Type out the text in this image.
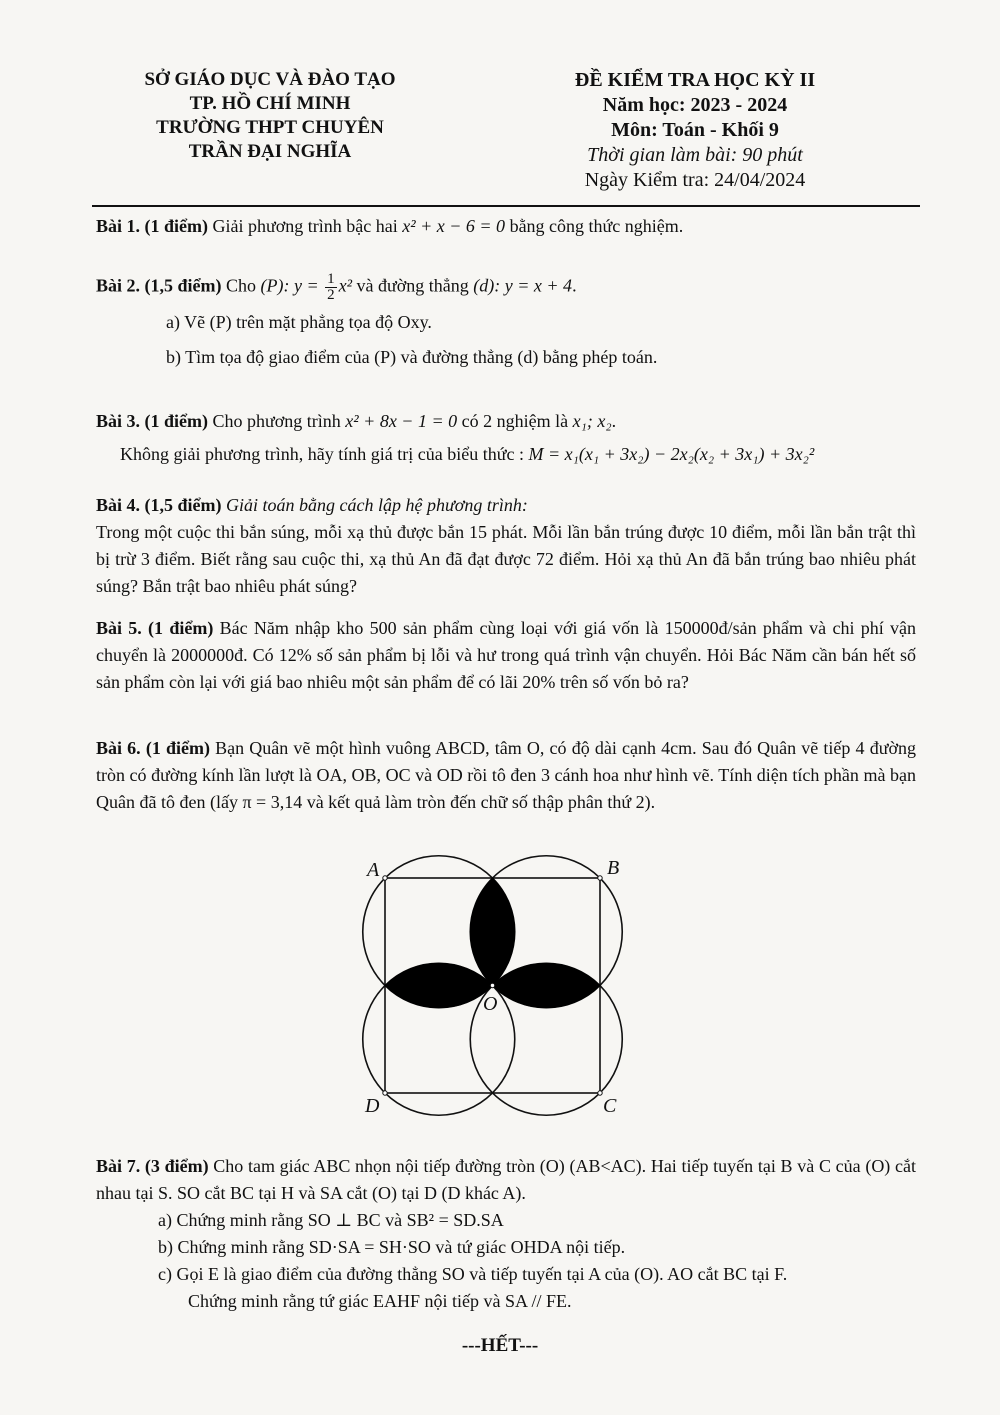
SỞ GIÁO DỤC VÀ ĐÀO TẠO
TP. HỒ CHÍ MINH
TRƯỜNG THPT CHUYÊN
TRẦN ĐẠI NGHĨA
ĐỀ KIỂM TRA HỌC KỲ II
Năm học: 2023 - 2024
Môn: Toán - Khối 9
Thời gian làm bài: 90 phút
Ngày Kiểm tra: 24/04/2024
Bài 1. (1 điểm) Giải phương trình bậc hai x² + x − 6 = 0 bằng công thức nghiệm.
Bài 2. (1,5 điểm) Cho (P): $y = \frac{1}{2} x^2$ và đường thẳng (d): y = x + 4.
a) Vẽ (P) trên mặt phẳng tọa độ Oxy.
b) Tìm tọa độ giao điểm của (P) và đường thẳng (d) bằng phép toán.
Bài 3. (1 điểm) Cho phương trình x² + 8x − 1 = 0 có 2 nghiệm là x₁; x₂.
Không giải phương trình, hãy tính giá trị của biểu thức : M = x₁(x₁ + 3x₂) − 2x₂(x₂ + 3x₁) + 3x₂²
Bài 4. (1,5 điểm) Giải toán bằng cách lập hệ phương trình:
Trong một cuộc thi bắn súng, mỗi xạ thủ được bắn 15 phát. Mỗi lần bắn trúng được 10 điểm, mỗi lần bắn trật thì bị trừ 3 điểm. Biết rằng sau cuộc thi, xạ thủ An đã đạt được 72 điểm. Hỏi xạ thủ An đã bắn trúng bao nhiêu phát súng? Bắn trật bao nhiêu phát súng?
Bài 5. (1 điểm) Bác Năm nhập kho 500 sản phẩm cùng loại với giá vốn là 150000đ/sản phẩm và chi phí vận chuyển là 2000000đ. Có 12% số sản phẩm bị lỗi và hư trong quá trình vận chuyển. Hỏi Bác Năm cần bán hết số sản phẩm còn lại với giá bao nhiêu một sản phẩm để có lãi 20% trên số vốn bỏ ra?
Bài 6. (1 điểm) Bạn Quân vẽ một hình vuông ABCD, tâm O, có độ dài cạnh 4cm. Sau đó Quân vẽ tiếp 4 đường tròn có đường kính lần lượt là OA, OB, OC và OD rồi tô đen 3 cánh hoa như hình vẽ. Tính diện tích phần mà bạn Quân đã tô đen (lấy π = 3,14 và kết quả làm tròn đến chữ số thập phân thứ 2).
A	B
C
D
O
Bài 7. (3 điểm) Cho tam giác ABC nhọn nội tiếp đường tròn (O) (AB<AC). Hai tiếp tuyến tại B và C của (O) cắt nhau tại S. SO cắt BC tại H và SA cắt (O) tại D (D khác A).
a) Chứng minh rằng SO ⊥ BC và SB² = SD.SA
b) Chứng minh rằng SD·SA = SH·SO và tứ giác OHDA nội tiếp.
c) Gọi E là giao điểm của đường thẳng SO và tiếp tuyến tại A của (O). AO cắt BC tại F.
Chứng minh rằng tứ giác EAHF nội tiếp và SA // FE.
---HẾT---
